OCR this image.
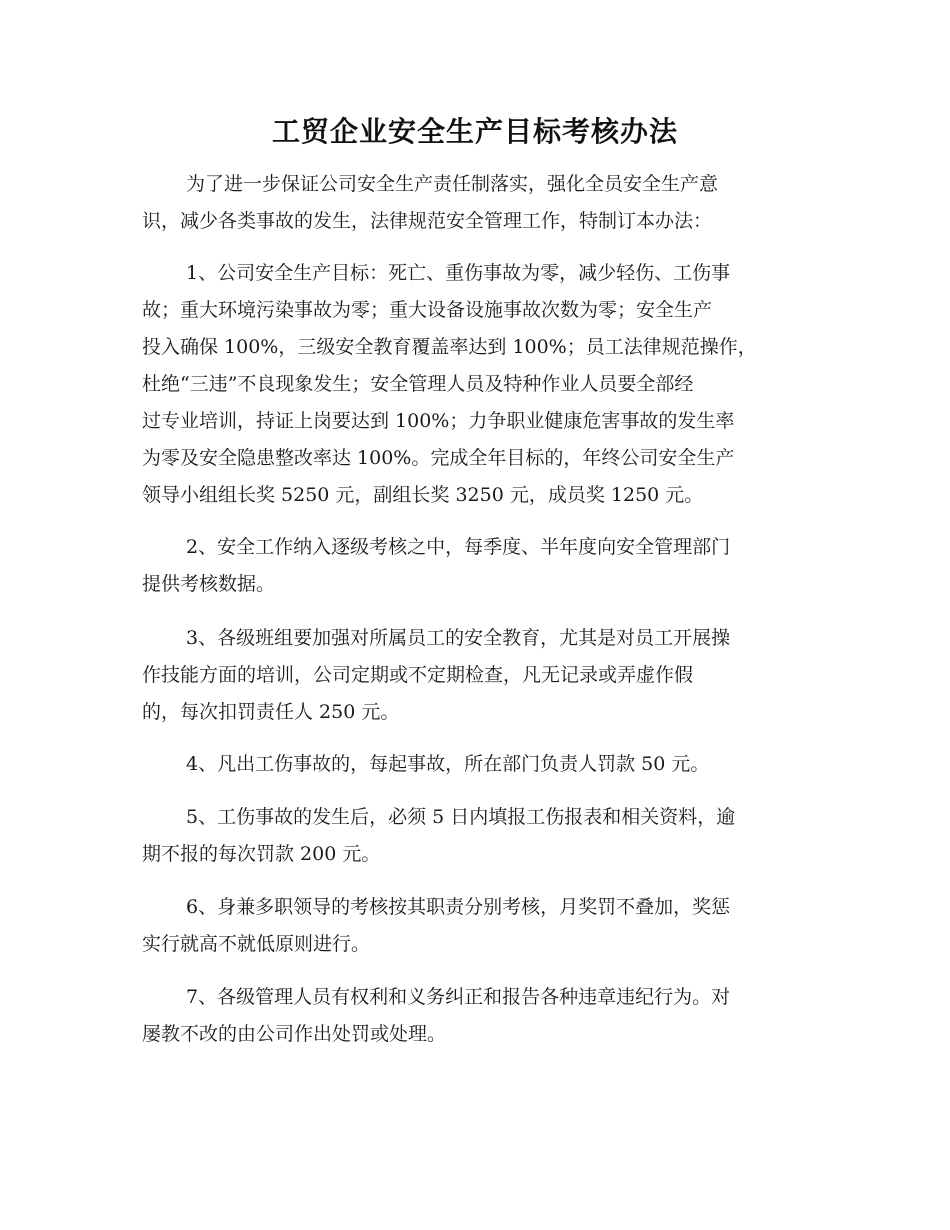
工贸企业安全生产目标考核办法
为了进一步保证公司安全生产责任制落实，强化全员安全生产意
识，减少各类事故的发生，法律规范安全管理工作，特制订本办法：
1、公司安全生产目标：死亡、重伤事故为零，减少轻伤、工伤事
故；重大环境污染事故为零；重大设备设施事故次数为零；安全生产
投入确保 100%，三级安全教育覆盖率达到 100%；员工法律规范操作，
杜绝“三违”不良现象发生；安全管理人员及特种作业人员要全部经
过专业培训，持证上岗要达到 100%；力争职业健康危害事故的发生率
为零及安全隐患整改率达 100%。完成全年目标的，年终公司安全生产
领导小组组长奖 5250 元，副组长奖 3250 元，成员奖 1250 元。
2、安全工作纳入逐级考核之中，每季度、半年度向安全管理部门
提供考核数据。
3、各级班组要加强对所属员工的安全教育，尤其是对员工开展操
作技能方面的培训，公司定期或不定期检查，凡无记录或弄虚作假
的，每次扣罚责任人 250 元。
4、凡出工伤事故的，每起事故，所在部门负责人罚款 50 元。
5、工伤事故的发生后，必须 5 日内填报工伤报表和相关资料，逾
期不报的每次罚款 200 元。
6、身兼多职领导的考核按其职责分别考核，月奖罚不叠加，奖惩
实行就高不就低原则进行。
7、各级管理人员有权利和义务纠正和报告各种违章违纪行为。对
屡教不改的由公司作出处罚或处理。
